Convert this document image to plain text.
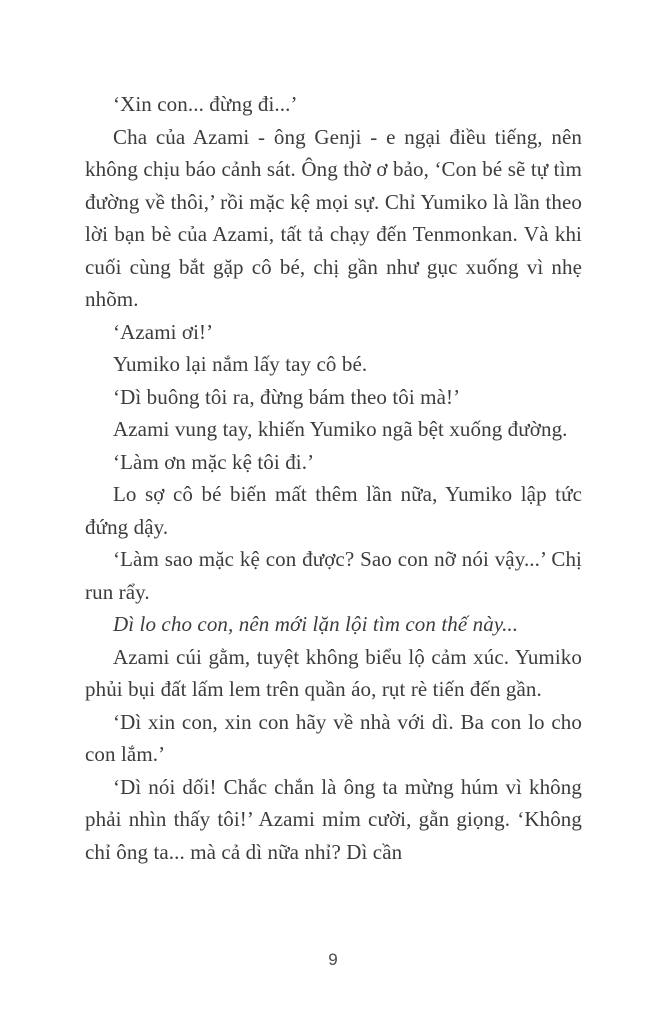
‘Xin con... đừng đi...’

Cha của Azami - ông Genji - e ngại điều tiếng, nên không chịu báo cảnh sát. Ông thờ ơ bảo, ‘Con bé sẽ tự tìm đường về thôi,’ rồi mặc kệ mọi sự. Chỉ Yumiko là lần theo lời bạn bè của Azami, tất tả chạy đến Tenmonkan. Và khi cuối cùng bắt gặp cô bé, chị gần như gục xuống vì nhẹ nhõm.

‘Azami ơi!’

Yumiko lại nắm lấy tay cô bé.

‘Dì buông tôi ra, đừng bám theo tôi mà!’

Azami vung tay, khiến Yumiko ngã bệt xuống đường.

‘Làm ơn mặc kệ tôi đi.’

Lo sợ cô bé biến mất thêm lần nữa, Yumiko lập tức đứng dậy.

‘Làm sao mặc kệ con được? Sao con nỡ nói vậy...’ Chị run rẩy.

Dì lo cho con, nên mới lặn lội tìm con thế này...

Azami cúi gằm, tuyệt không biểu lộ cảm xúc. Yumiko phủi bụi đất lấm lem trên quần áo, rụt rè tiến đến gần.

‘Dì xin con, xin con hãy về nhà với dì. Ba con lo cho con lắm.’

‘Dì nói dối! Chắc chắn là ông ta mừng húm vì không phải nhìn thấy tôi!’ Azami mỉm cười, gằn giọng. ‘Không chỉ ông ta... mà cả dì nữa nhỉ? Dì cần

9
